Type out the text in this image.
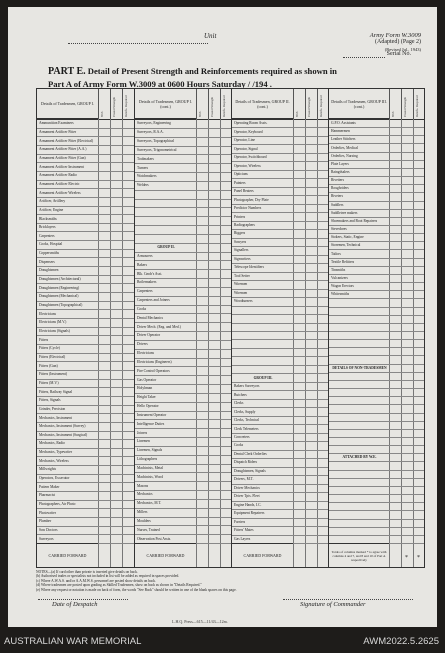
Unit	Army Form W.3009
(Adapted) (Page 2)
(Revised Jul., 1943)
Serial No.
PART E. Detail of Present Strength and Reinforcements required as shown in
Part A of Army Form W.3009 at 0600 Hours Saturday / /194 .
Details of Tradesmen, GROUP I.
W.E.	Posted Strength	Reinfs. Required
Ammunition Examiners
Armament Artificer Fitter
Armament Artificer Fitter (Electrical)
Armament Artificer Fitter (A.A.)
Armament Artificer Fitter (Gun)
Armament Artificer Instrument
Armament Artificer Radio
Armament Artificer Electric
Armament Artificer Wireless
Artificer, Artillery
Artificer, Engine
Blacksmiths
Bricklayers
Carpenters
Cooks, Hospital
Coppersmiths
Dispensers
Draughtsmen
Draughtsmen (Architectural)
Draughtsmen (Engineering)
Draughtsmen (Mechanical)
Draughtsmen (Topographical)
Electricians
Electricians (M.V.)
Electricians (Signals)
Fitters
Fitters (Cycle)
Fitters (Electrical)
Fitters (Gun)
Fitters (Instrument)
Fitters (M.V.)
Fitters, Railway Signal
Fitters, Signals
Grinder, Precision
Mechanics, Instrument
Mechanics, Instrument (Survey)
Mechanics, Instrument (Surgical)
Mechanics, Radio
Mechanics, Typewriter
Mechanics, Wireless
Millwrights
Operators, Excavator
Pattern Maker
Pharmacist
Photographers, Air Photo
Photowriter
Plumber
Saw Doctors
Surveyors
CARRIED FORWARD
Details of Tradesmen, GROUP I. (cont.)
W.E.	Posted Strength	Reinfs. Required
Surveyors, Engineering
Surveyors, R.A.A.
Surveyors, Topographical
Surveyors, Trigonometrical
Toolmakers
Turners
Watchmakers
Welders
GROUP II.
Armourers
Bakers
Blk. Cmdr's Asst.
Boilermakers
Carpenters
Carpenters and Joiners
Cooks
Dental Mechanics
Driver Mech. (Eng. and Med.)
Driver Operator
Drivers
Electricians
Electricians (Engineers)
Fire Control Operators
Gas Operator
Holyhman
Height Taker
Hello Operator
Instrument Operator
Intelligence Duties
Joiners
Linemen
Linemen, Signals
Lithographers
Machinists, Metal
Machinists, Wood
Masons
Mechanics
Mechanics, M.T.
Millers
Moulders
Nurses, Trained
Observation Post Assts.
CARRIED FORWARD
Details of Tradesmen, GROUP II. (cont.)
W.E.	Posted Strength	Reinfs. Required
Operating Room Assts.
Operator, Keyboard
Operator, Line
Operator, Signal
Operator, Switchboard
Operator, Wireless
Opticians
Painters
Panel Beaters
Photographer, Dry Plate
Predictor Numbers
Printers
Radiographers
Riggers
Sawyers
Signallers
Signwriters
Telescope Identifiers
Tool Setter
Wiremen
Wiremen
Woodturners
GROUP III.
Bakers Surveyors
Butchers
Clerks
Clerks, Supply
Clerks, Technical
Clerk Telemeters
Concreters
Cooks
Dental Clerk Orderlies
Dispatch Riders
Draughtsmen, Signals
Drivers, M.T.
Driver Mechanics
Driver Tpts. Fleet
Engine Hands, I.C.
Equipment Repairers
Farriers
Fitters' Mates
Gas Layers
CARRIED FORWARD
Details of Tradesmen, GROUP III. (cont.)
W.E.	Posted Strength	Reinfs. Required
G.P.O. Assistants
Hammermen
Leather Stitchers
Orderlies, Medical
Orderlies, Nursing
Plate Layers
Raingdsalers
Rivetters
Roughriders
Riveters
Saddlers
Saddletree makers
Shoemakers and Boot Repairers
Stevedores
Stokers, Static, Engine
Storemen, Technical
Tailors
Textile Refitters
Tinsmiths
Vulcanizers
Wagon Erectors
Whitesmiths
DETAILS OF NON-TRADESMEN
ATTACHED BY W.E.
Totals of columns marked * to agree with columns 4 and 7, and 8 and 10 of Part A respectively	* *
NOTES—(a) If card other than private is inserted give details on back.
(b) Authorised trades or specialists not included in list will be added as required in spaces provided.
(c) Where A.W.A.S. and/or A.A.M.W.S. personnel are posted show details on back.
(d) Where tradesmen are posted upon grading as Skilled Tradesmen, show on back as shown in "Details Required."
(e) Where any request or notation is made on back of form, the words "See Back" should be written in one of the blank spaces on this page.
Date of Despatch	Signature of Commander
L.H.Q. Press—615—11/43—12m.
AUSTRALIAN WAR MEMORIAL	AWM2022.5.2625
